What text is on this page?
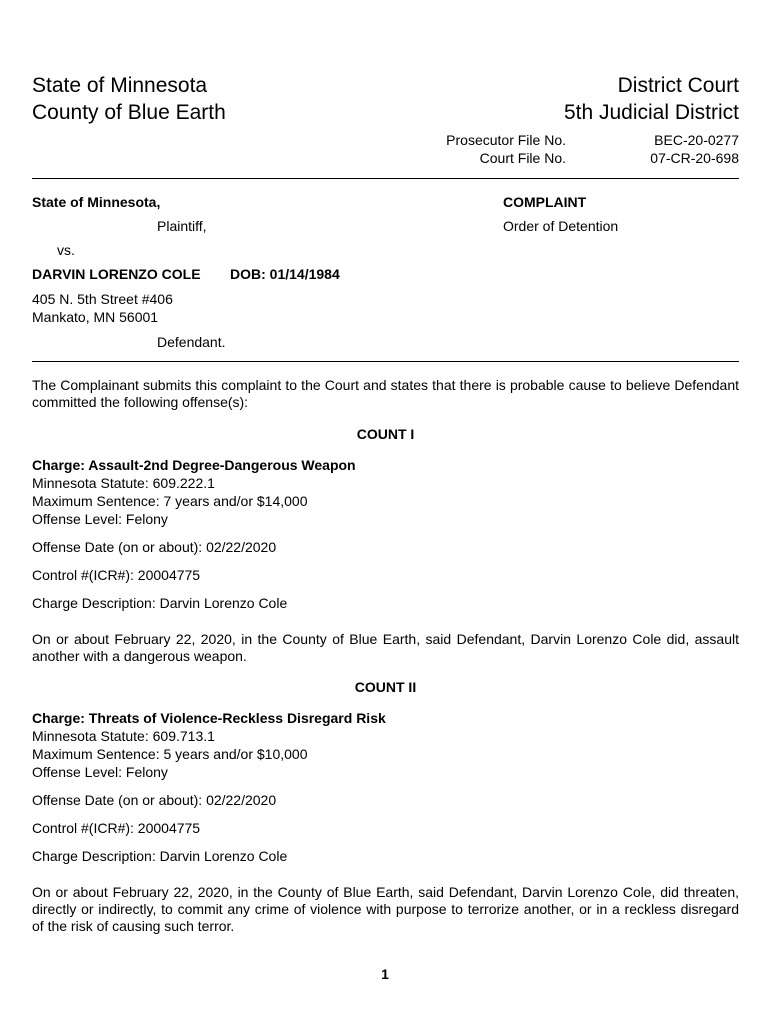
State of Minnesota
County of Blue Earth
District Court
5th Judicial District
Prosecutor File No.
Court File No.
BEC-20-0277
07-CR-20-698
State of Minnesota,
Plaintiff,
vs.
DARVIN LORENZO COLE DOB: 01/14/1984
405 N. 5th Street #406
Mankato, MN 56001
Defendant.
COMPLAINT
Order of Detention
The Complainant submits this complaint to the Court and states that there is probable cause to believe Defendant committed the following offense(s):
COUNT I
Charge: Assault-2nd Degree-Dangerous Weapon
Minnesota Statute: 609.222.1
Maximum Sentence: 7 years and/or $14,000
Offense Level: Felony
Offense Date (on or about): 02/22/2020
Control #(ICR#): 20004775
Charge Description: Darvin Lorenzo Cole
On or about February 22, 2020, in the County of Blue Earth, said Defendant, Darvin Lorenzo Cole did, assault another with a dangerous weapon.
COUNT II
Charge: Threats of Violence-Reckless Disregard Risk
Minnesota Statute: 609.713.1
Maximum Sentence: 5 years and/or $10,000
Offense Level: Felony
Offense Date (on or about): 02/22/2020
Control #(ICR#): 20004775
Charge Description: Darvin Lorenzo Cole
On or about February 22, 2020, in the County of Blue Earth, said Defendant, Darvin Lorenzo Cole, did threaten, directly or indirectly, to commit any crime of violence with purpose to terrorize another, or in a reckless disregard of the risk of causing such terror.
1
